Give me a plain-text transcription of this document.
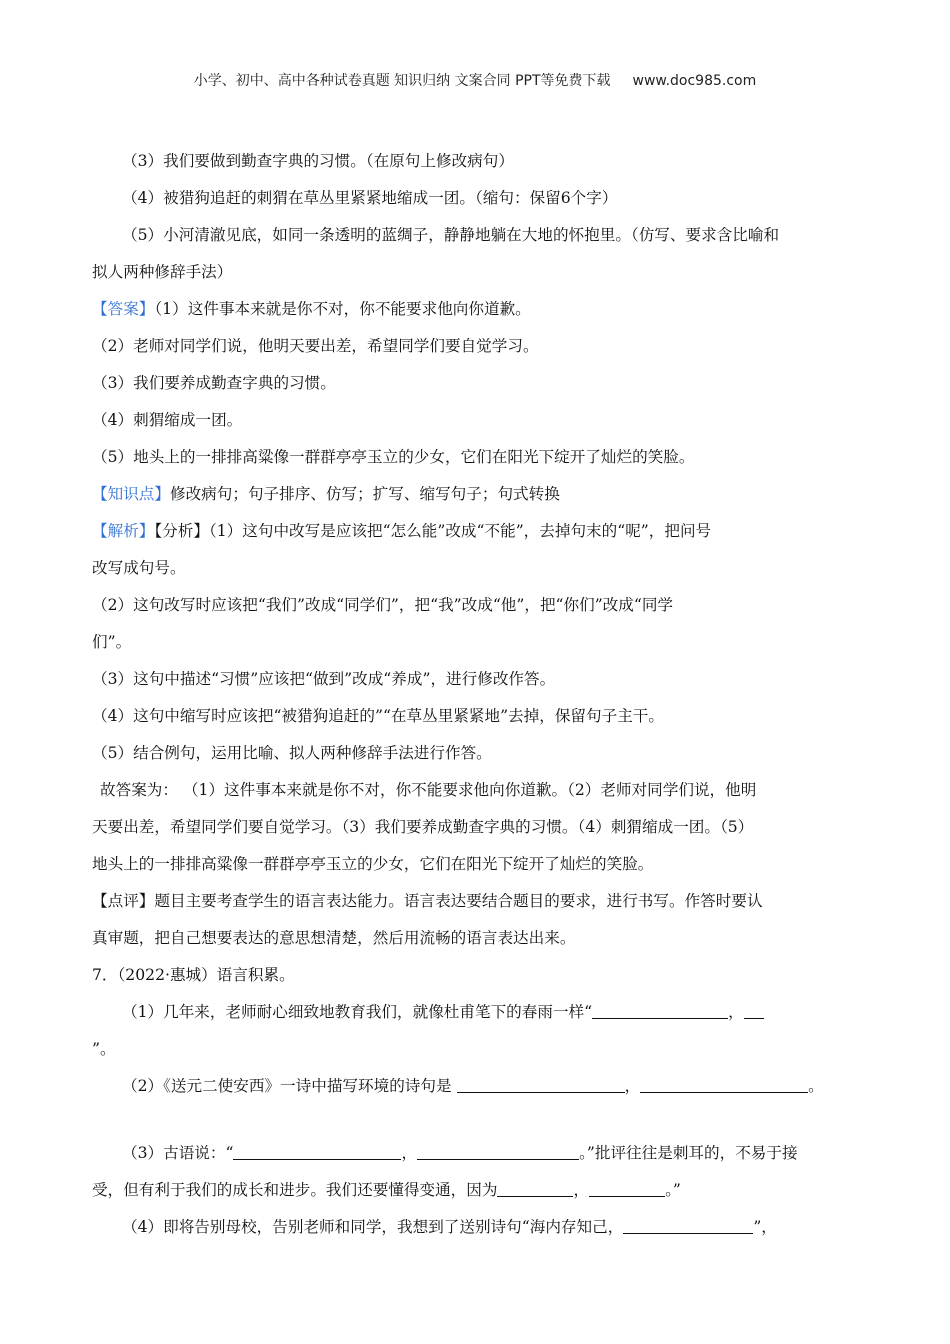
小学、初中、高中各种试卷真题 知识归纳 文案合同 PPT等免费下载 www.doc985.com
（3）我们要做到勤查字典的习惯。（在原句上修改病句）
（4）被猎狗追赶的刺猬在草丛里紧紧地缩成一团。（缩句：保留6个字）
（5）小河清澈见底，如同一条透明的蓝绸子，静静地躺在大地的怀抱里。（仿写、要求含比喻和
拟人两种修辞手法）
【答案】（1）这件事本来就是你不对，你不能要求他向你道歉。
（2）老师对同学们说，他明天要出差，希望同学们要自觉学习。
（3）我们要养成勤查字典的习惯。
（4）刺猬缩成一团。
（5）地头上的一排排高粱像一群群亭亭玉立的少女，它们在阳光下绽开了灿烂的笑脸。
【知识点】修改病句；句子排序、仿写；扩写、缩写句子；句式转换
【解析】【分析】（1）这句中改写是应该把“怎么能”改成“不能”，去掉句末的“呢”，把问号
改写成句号。
（2）这句改写时应该把“我们”改成“同学们”，把“我”改成“他”，把“你们”改成“同学
们”。
（3）这句中描述“习惯”应该把“做到”改成“养成”，进行修改作答。
（4）这句中缩写时应该把“被猎狗追赶的”“在草丛里紧紧地”去掉，保留句子主干。
（5）结合例句，运用比喻、拟人两种修辞手法进行作答。
故答案为： （1）这件事本来就是你不对，你不能要求他向你道歉。（2）老师对同学们说，他明
天要出差，希望同学们要自觉学习。（3）我们要养成勤查字典的习惯。（4）刺猬缩成一团。（5）
地头上的一排排高粱像一群群亭亭玉立的少女，它们在阳光下绽开了灿烂的笑脸。
【点评】题目主要考查学生的语言表达能力。语言表达要结合题目的要求，进行书写。作答时要认
真审题，把自己想要表达的意思想清楚，然后用流畅的语言表达出来。
7．（2022·惠城）语言积累。
（1）几年来，老师耐心细致地教育我们，就像杜甫笔下的春雨一样“	，
”。
（2）《送元二使安西》一诗中描写环境的诗句是	，	。
（3）古语说：“	，	。”批评往往是刺耳的，不易于接
受，但有利于我们的成长和进步。我们还要懂得变通，因为	，	。”
（4）即将告别母校，告别老师和同学，我想到了送别诗句“海内存知己，	”，
